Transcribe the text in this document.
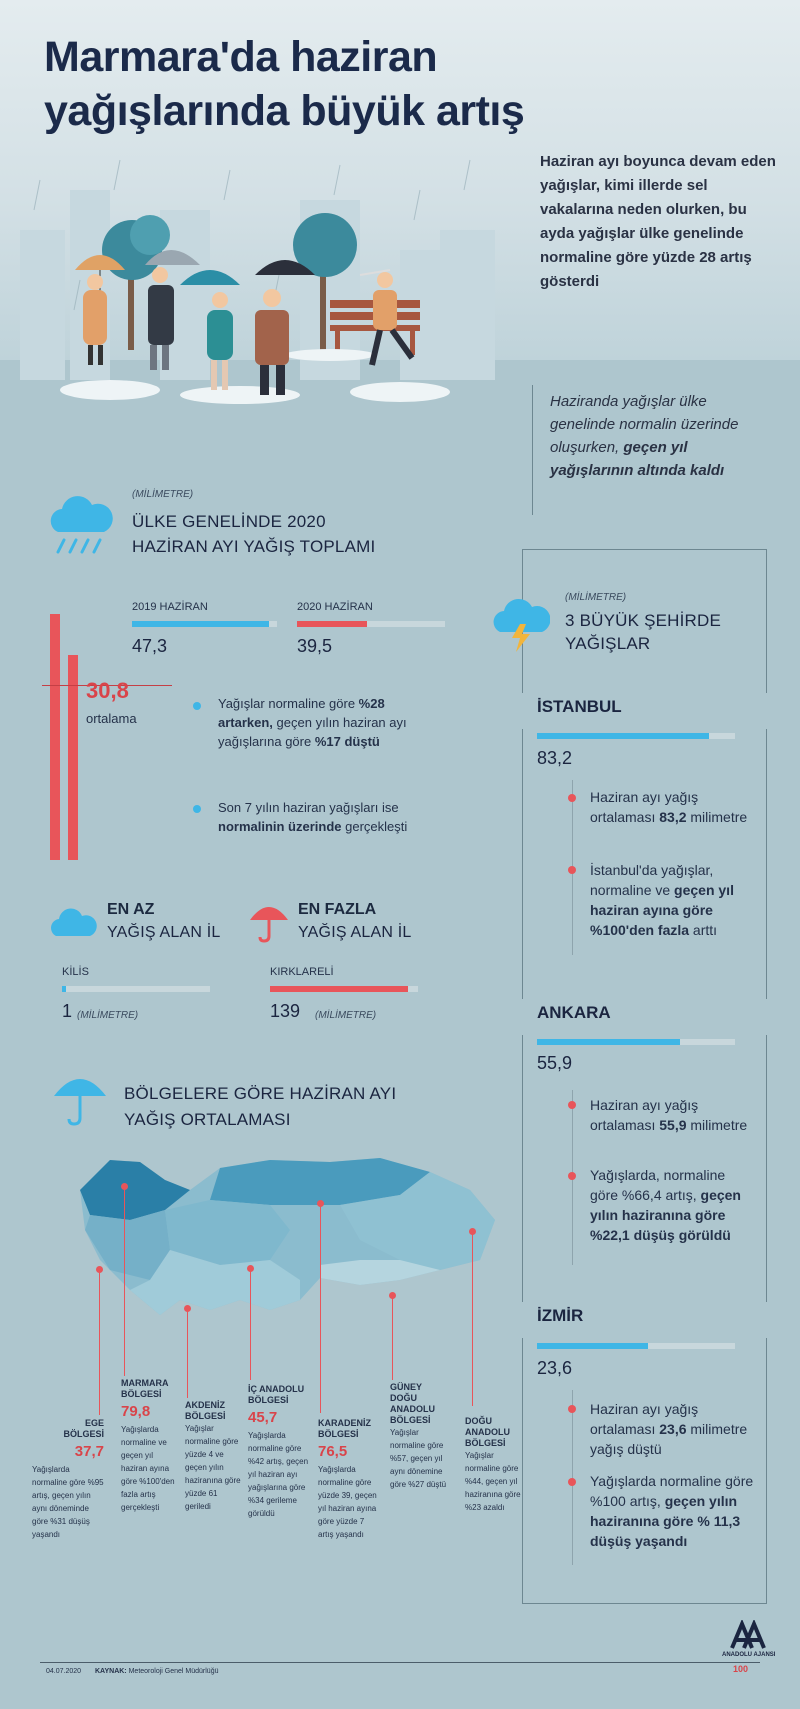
Marmara'da haziran
yağışlarında büyük artış
Haziran ayı boyunca devam eden yağışlar, kimi illerde sel vakalarına neden olurken, bu ayda yağışlar ülke genelinde normaline göre yüzde 28 artış gösterdi
Haziranda yağışlar ülke genelinde normalin üzerinde oluşurken, geçen yıl yağışlarının altında kaldı
(MİLİMETRE)
ÜLKE GENELİNDE 2020
HAZİRAN AYI YAĞIŞ TOPLAMI
2019 HAZİRAN
47,3
2020 HAZİRAN
39,5
30,8
ortalama
Yağışlar normaline göre %28 artarken, geçen yılın haziran ayı yağışlarına göre %17 düştü
Son 7 yılın haziran yağışları ise normalinin üzerinde gerçekleşti
EN AZ
YAĞIŞ ALAN İL
KİLİS
1 (MİLİMETRE)
EN FAZLA
YAĞIŞ ALAN İL
KIRKLARELİ
139 (MİLİMETRE)
BÖLGELERE GÖRE HAZİRAN AYI
YAĞIŞ ORTALAMASI
EGE
BÖLGESİ
37,7
Yağışlarda normaline göre %95 artış, geçen yılın aynı döneminde göre %31 düşüş yaşandı
MARMARA
BÖLGESİ
79,8
Yağışlarda normaline ve geçen yıl haziran ayına göre %100'den fazla artış gerçekleşti
AKDENİZ
BÖLGESİ
Yağışlar normaline göre yüzde 4 ve geçen yılın haziranına göre yüzde 61 geriledi
İÇ ANADOLU
BÖLGESİ
45,7
Yağışlarda normaline göre %42 artış, geçen yıl haziran ayı yağışlarına göre %34 gerileme görüldü
KARADENİZ
BÖLGESİ
76,5
Yağışlarda normaline göre yüzde 39, geçen yıl haziran ayına göre yüzde 7 artış yaşandı
GÜNEY DOĞU
ANADOLU
BÖLGESİ
Yağışlar normaline göre %57, geçen yıl aynı dönemine göre %27 düştü
DOĞU
ANADOLU
BÖLGESİ
Yağışlar normaline göre %44, geçen yıl haziranına göre %23 azaldı
(MİLİMETRE)
3 BÜYÜK ŞEHİRDE
YAĞIŞLAR
İSTANBUL
83,2
Haziran ayı yağış ortalaması 83,2 milimetre
İstanbul'da yağışlar, normaline ve geçen yıl haziran ayına göre %100'den fazla arttı
ANKARA
55,9
Haziran ayı yağış ortalaması 55,9 milimetre
Yağışlarda, normaline göre %66,4 artış, geçen yılın haziranına göre %22,1 düşüş görüldü
İZMİR
23,6
Haziran ayı yağış ortalaması 23,6 milimetre yağış düştü
Yağışlarda normaline göre %100 artış, geçen yılın haziranına göre % 11,3 düşüş yaşandı
04.07.2020 KAYNAK: Meteoroloji Genel Müdürlüğü
ANADOLU AJANSI
100
